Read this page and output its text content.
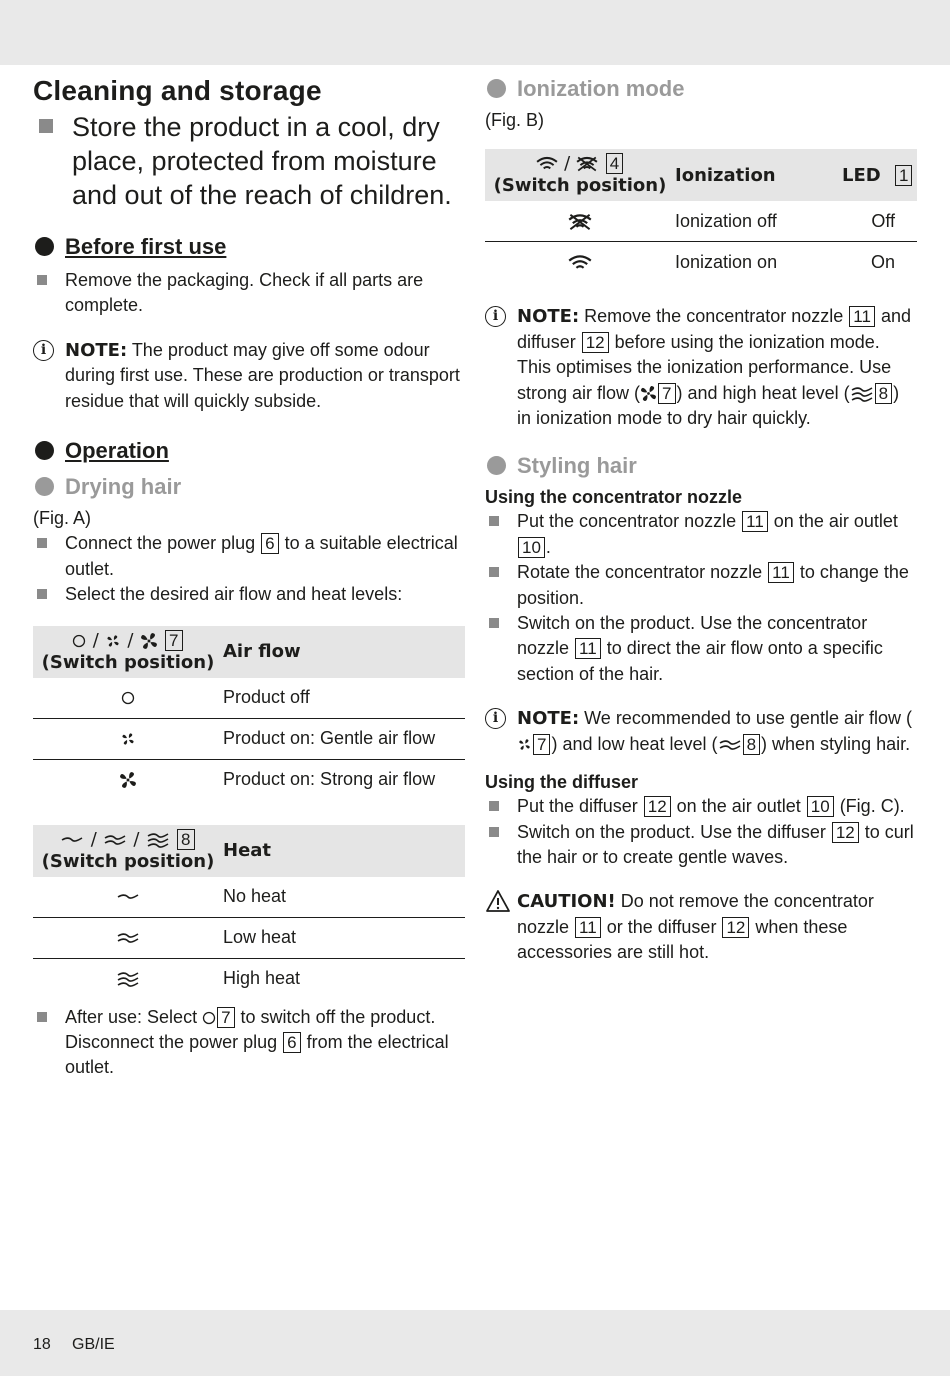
Cleaning and storage
Store the product in a cool, dry place, protected from moisture and out of the reach of children.
Before first use
Remove the packaging. Check if all parts are complete.
i	NOTE: The product may give off some odour during first use. These are production or transport residue that will quickly subside.
Operation
Drying hair
(Fig. A)
Connect the power plug 6 to a suitable electrical outlet.
Select the desired air flow and heat levels:
/ / 7
(Switch position)	Air flow
	Product off
	Product on: Gentle air flow
	Product on: Strong air flow
/ / 8
(Switch position)	Heat
	No heat
	Low heat
	High heat
After use: Select 7 to switch off the product. Disconnect the power plug 6 from the electrical outlet.
Ionization mode
(Fig. B)
/ 4
(Switch position)	Ionization	LED 1
	Ionization off	Off
	Ionization on	On
i	NOTE: Remove the concentrator nozzle 11 and diffuser 12 before using the ionization mode. This optimises the ionization performance. Use strong air flow ( 7 ) and high heat level ( 8 ) in ionization mode to dry hair quickly.
Styling hair
Using the concentrator nozzle
Put the concentrator nozzle 11 on the air outlet 10 .
Rotate the concentrator nozzle 11 to change the position.
Switch on the product. Use the concentrator nozzle 11 to direct the air flow onto a specific section of the hair.
i	NOTE: We recommended to use gentle air flow (7 ) and low heat level ( 8 ) when styling hair.
Using the diffuser
Put the diffuser 12 on the air outlet 10 (Fig. C).
Switch on the product. Use the diffuser 12 to curl the hair or to create gentle waves.
CAUTION! Do not remove the concentrator nozzle 11 or the diffuser 12 when these accessories are still hot.
18 GB/IE
